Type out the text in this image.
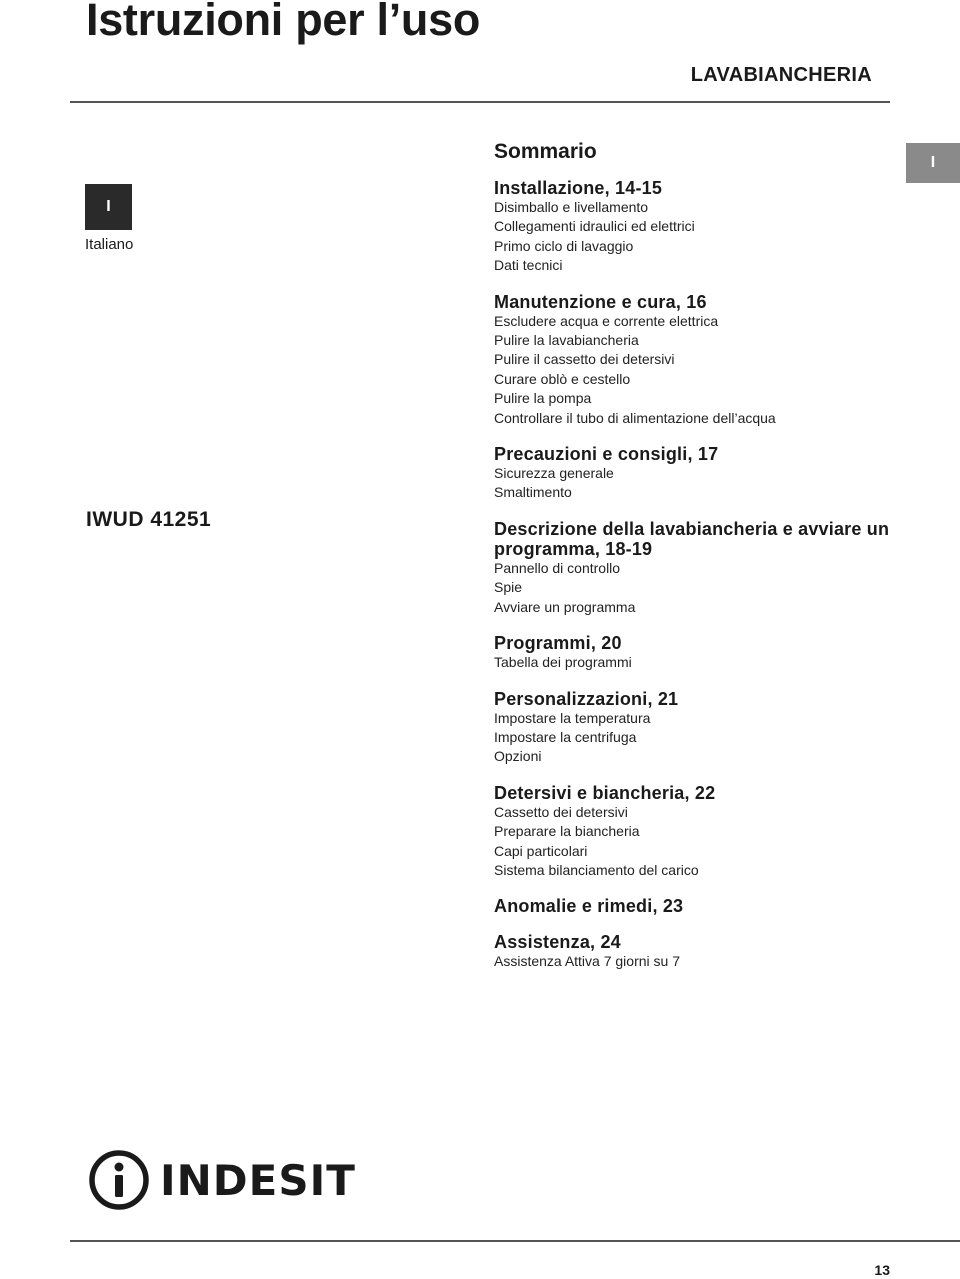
Istruzioni per l’uso
LAVABIANCHERIA
I
I
Italiano
IWUD 41251
Sommario
Installazione, 14-15
Disimballo e livellamento
Collegamenti idraulici ed elettrici
Primo ciclo di lavaggio
Dati tecnici
Manutenzione e cura, 16
Escludere acqua e corrente elettrica
Pulire la lavabiancheria
Pulire il cassetto dei detersivi
Curare oblò e cestello
Pulire la pompa
Controllare il tubo di alimentazione dell’acqua
Precauzioni e consigli, 17
Sicurezza generale
Smaltimento
Descrizione della lavabiancheria e avviare un programma, 18-19
Pannello di controllo
Spie
Avviare un programma
Programmi, 20
Tabella dei programmi
Personalizzazioni, 21
Impostare la temperatura
Impostare la centrifuga
Opzioni
Detersivi e biancheria, 22
Cassetto dei detersivi
Preparare la biancheria
Capi particolari
Sistema bilanciamento del carico
Anomalie e rimedi, 23
Assistenza, 24
Assistenza Attiva 7 giorni su 7
INDESIT
13
